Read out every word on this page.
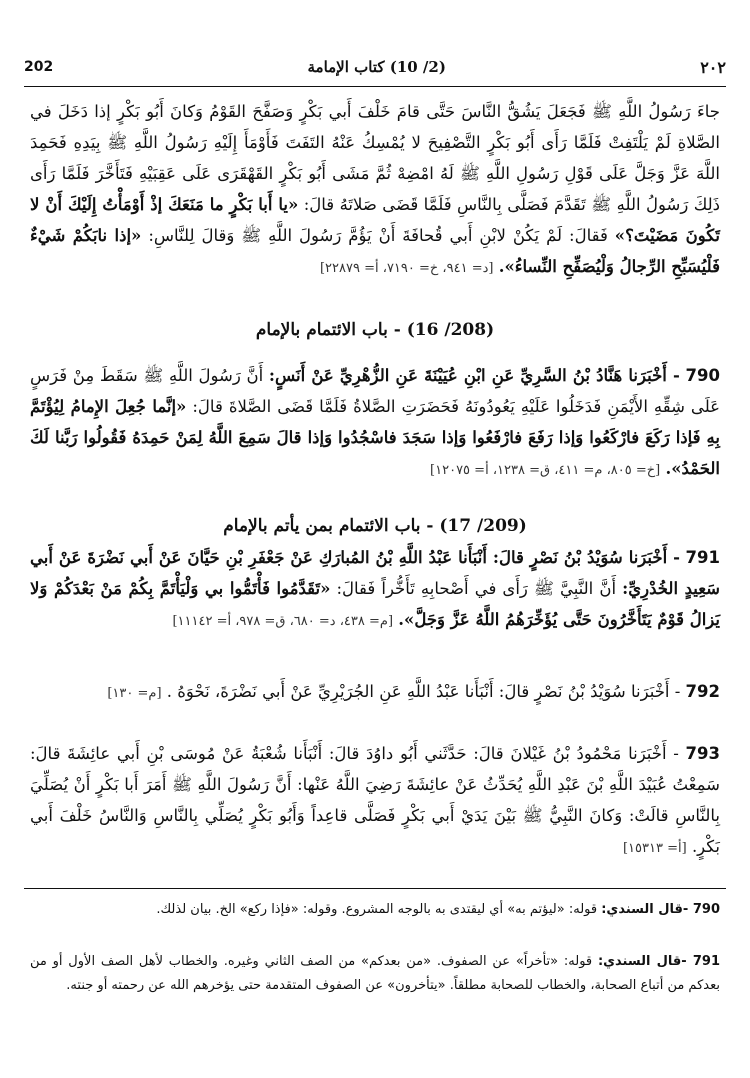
202	(2/ 10) كتاب الإمامة	٢٠٢
جاءَ رَسُولُ اللَّهِ ﷺ فَجَعَلَ يَشُقُّ النَّاسَ حَتَّى قامَ خَلْفَ أَبي بَكْرٍ وَصَفَّحَ القَوْمُ وَكانَ أَبُو بَكْرٍ إذا دَخَلَ في الصَّلاةِ لَمْ يَلْتَفِتْ فَلَمَّا رَأَى أَبُو بَكْرٍ التَّصْفِيحَ لا يُمْسِكُ عَنْهُ التَفَتَ فَأَوْمَأَ إِلَيْهِ رَسُولُ اللَّهِ ﷺ بِيَدِهِ فَحَمِدَ اللَّهَ عَزَّ وَجَلَّ عَلَى قَوْلِ رَسُولِ اللَّهِ ﷺ لَهُ امْضِهْ ثُمَّ مَشَى أَبُو بَكْرٍ القَهْقَرَى عَلَى عَقِبَيْهِ فَتَأَخَّرَ فَلَمَّا رَأَى ذَلِكَ رَسُولُ اللَّهِ ﷺ تَقَدَّمَ فَصَلَّى بِالنَّاسِ فَلَمَّا قَضَى صَلاتَهُ قالَ: «يا أَبا بَكْرٍ ما مَنَعَكَ إذْ أَوْمَأْتُ إِلَيْكَ أَنْ لا تَكُونَ مَضَيْتَ؟» فَقالَ: لَمْ يَكُنْ لابْنِ أَبي قُحافَةَ أَنْ يَؤُمَّ رَسُولَ اللَّهِ ﷺ وَقالَ لِلنَّاسِ: «إذا نابَكُمْ شَيْءٌ فَلْيُسَبِّحِ الرِّجالُ وَلْيُصَفِّحِ النِّساءُ». [د= ٩٤١، خ= ٧١٩٠، أ= ٢٢٨٧٩]
(208/ 16) - باب الائتمام بالإمام
790 - أَخْبَرَنا هَنَّادُ بْنُ السَّرِيِّ عَنِ ابْنِ عُيَيْنَةَ عَنِ الزُّهْرِيِّ عَنْ أَنَسٍ: أَنَّ رَسُولَ اللَّهِ ﷺ سَقَطَ مِنْ فَرَسٍ عَلَى شِقِّهِ الأَيْمَنِ فَدَخَلُوا عَلَيْهِ يَعُودُونَهُ فَحَضَرَتِ الصَّلاةُ فَلَمَّا قَضَى الصَّلاةَ قالَ: «إنَّما جُعِلَ الإِمامُ لِيُؤْتَمَّ بِهِ فَإذا رَكَعَ فارْكَعُوا وَإذا رَفَعَ فارْفَعُوا وَإذا سَجَدَ فاسْجُدُوا وَإذا قالَ سَمِعَ اللَّهُ لِمَنْ حَمِدَهُ فَقُولُوا رَبَّنا لَكَ الحَمْدُ». [خ= ٨٠٥، م= ٤١١، ق= ١٢٣٨، أ= ١٢٠٧٥]
(209/ 17) - باب الائتمام بمن يأتم بالإمام
791 - أَخْبَرَنا سُوَيْدُ بْنُ نَصْرٍ قالَ: أَنْبَأَنا عَبْدُ اللَّهِ بْنُ المُبارَكِ عَنْ جَعْفَرِ بْنِ حَيَّانَ عَنْ أَبي نَضْرَةَ عَنْ أَبي سَعِيدٍ الخُدْرِيِّ: أَنَّ النَّبِيَّ ﷺ رَأَى في أَصْحابِهِ تَأَخُّراً فَقالَ: «تَقَدَّمُوا فَأْتَمُّوا بي وَلْيَأْتَمَّ بِكُمْ مَنْ بَعْدَكُمْ وَلا يَزالُ قَوْمٌ يَتَأَخَّرُونَ حَتَّى يُؤَخِّرَهُمُ اللَّهُ عَزَّ وَجَلَّ». [م= ٤٣٨، د= ٦٨٠، ق= ٩٧٨، أ= ١١١٤٢]
792 - أَخْبَرَنا سُوَيْدُ بْنُ نَصْرٍ قالَ: أَنْبَأَنا عَبْدُ اللَّهِ عَنِ الجُرَيْرِيِّ عَنْ أَبي نَضْرَةَ، نَحْوَهُ . [م= ١٣٠]
793 - أَخْبَرَنا مَحْمُودُ بْنُ غَيْلانَ قالَ: حَدَّثَني أَبُو داوُدَ قالَ: أَنْبَأَنا شُعْبَةُ عَنْ مُوسَى بْنِ أَبي عائِشَةَ قالَ: سَمِعْتُ عُبَيْدَ اللَّهِ بْنَ عَبْدِ اللَّهِ يُحَدِّثُ عَنْ عائِشَةَ رَضِيَ اللَّهُ عَنْها: أَنَّ رَسُولَ اللَّهِ ﷺ أَمَرَ أَبا بَكْرٍ أَنْ يُصَلِّيَ بِالنَّاسِ قالَتْ: وَكانَ النَّبِيُّ ﷺ بَيْنَ يَدَيْ أَبي بَكْرٍ فَصَلَّى قاعِداً وَأَبُو بَكْرٍ يُصَلِّي بِالنَّاسِ وَالنَّاسُ خَلْفَ أَبي بَكْرٍ. [أ= ١٥٣١٣]
790 -قال السندي: قوله: «ليؤتم به» أي ليقتدى به بالوجه المشروع. وقوله: «فإذا ركع» الخ. بيان لذلك.
791 -قال السندي: قوله: «تأخراً» عن الصفوف. «من بعدكم» من الصف الثاني وغيره. والخطاب لأهل الصف الأول أو من بعدكم من أتباع الصحابة، والخطاب للصحابة مطلقاً. «يتأخرون» عن الصفوف المتقدمة حتى يؤخرهم الله عن رحمته أو جنته.
